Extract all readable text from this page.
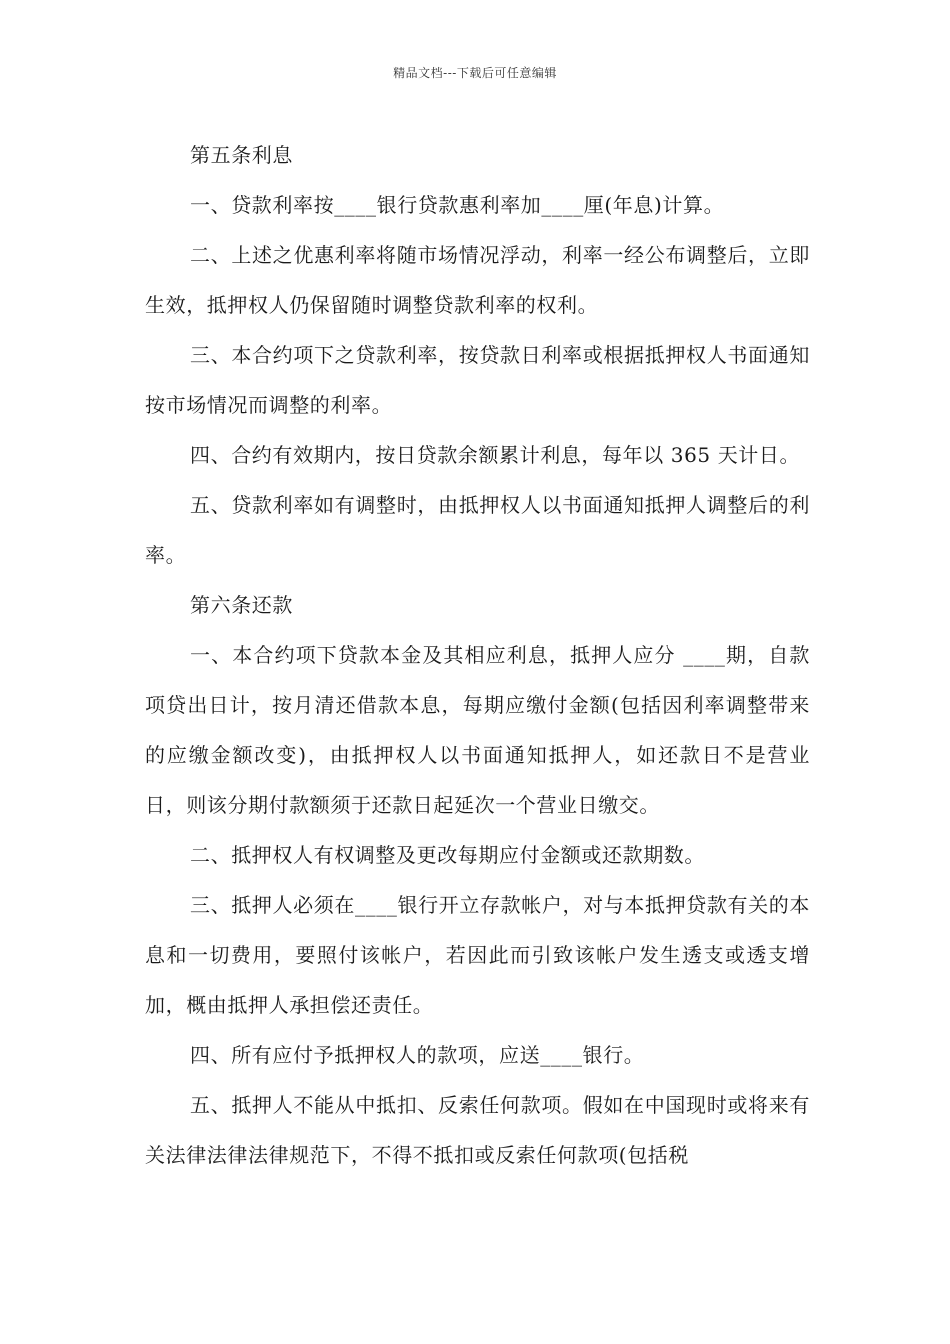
精品文档---下载后可任意编辑

第五条利息

一、贷款利率按____银行贷款惠利率加____厘(年息)计算。

二、上述之优惠利率将随市场情况浮动，利率一经公布调整后，立即生效，抵押权人仍保留随时调整贷款利率的权利。

三、本合约项下之贷款利率，按贷款日利率或根据抵押权人书面通知按市场情况而调整的利率。

四、合约有效期内，按日贷款余额累计利息，每年以 365 天计日。

五、贷款利率如有调整时，由抵押权人以书面通知抵押人调整后的利率。

第六条还款

一、本合约项下贷款本金及其相应利息，抵押人应分 ____期，自款项贷出日计，按月清还借款本息，每期应缴付金额(包括因利率调整带来的应缴金额改变)，由抵押权人以书面通知抵押人，如还款日不是营业日，则该分期付款额须于还款日起延次一个营业日缴交。

二、抵押权人有权调整及更改每期应付金额或还款期数。

三、抵押人必须在____银行开立存款帐户，对与本抵押贷款有关的本息和一切费用，要照付该帐户，若因此而引致该帐户发生透支或透支增加，概由抵押人承担偿还责任。

四、所有应付予抵押权人的款项，应送____银行。

五、抵押人不能从中抵扣、反索任何款项。假如在中国现时或将来有关法律法律法律规范下，不得不抵扣或反索任何款项(包括税
